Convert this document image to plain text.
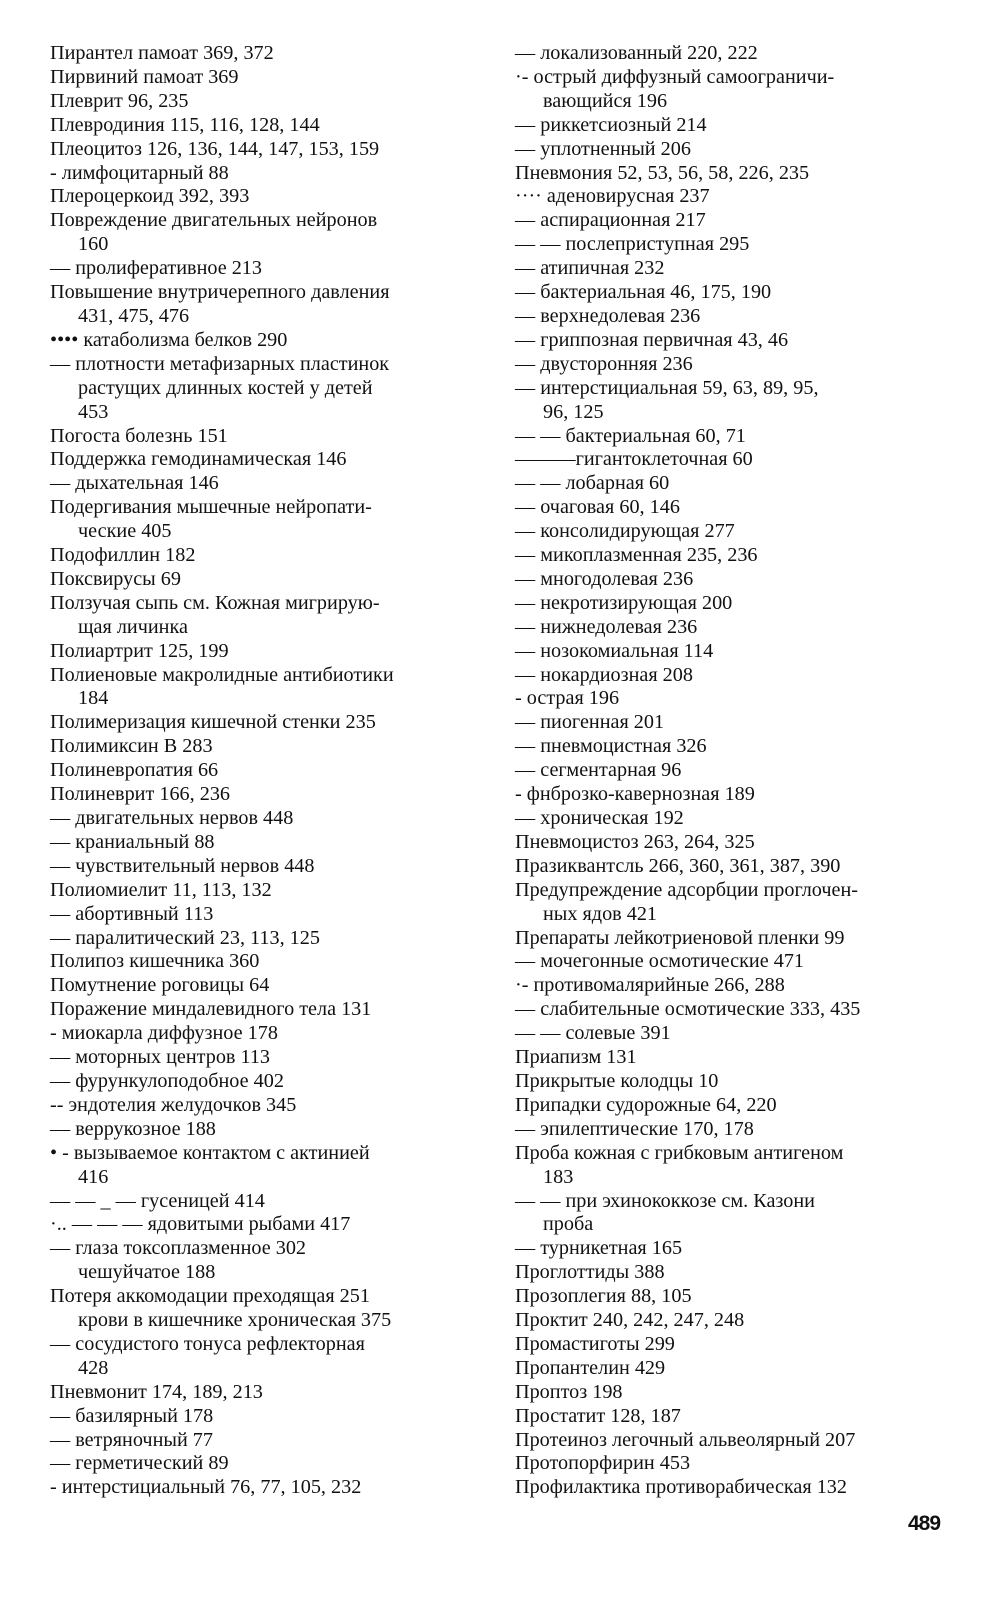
Пирантел памоат 369, 372
Пирвиний памоат 369
Плеврит 96, 235
Плевродиния 115, 116, 128, 144
Плеоцитоз 126, 136, 144, 147, 153, 159
- лимфоцитарный 88
Плероцеркоид 392, 393
Повреждение двигательных нейронов
160
— пролиферативное 213
Повышение внутричерепного давления
431, 475, 476
•••• катаболизма белков 290
— плотности метафизарных пластинок
растущих длинных костей у детей
453
Погоста болезнь 151
Поддержка гемодинамическая 146
— дыхательная 146
Подергивания мышечные нейропати-
ческие 405
Подофиллин 182
Поксвирусы 69
Ползучая сыпь см. Кожная мигрирую-
щая личинка
Полиартрит 125, 199
Полиеновые макролидные антибиотики
184
Полимеризация кишечной стенки 235
Полимиксин В 283
Полиневропатия 66
Полиневрит 166, 236
— двигательных нервов 448
— краниальный 88
— чувствительный нервов 448
Полиомиелит 11, 113, 132
— абортивный 113
— паралитический 23, 113, 125
Полипоз кишечника 360
Помутнение роговицы 64
Поражение миндалевидного тела 131
- миокарла диффузное 178
— моторных центров 113
— фурункулоподобное 402
-- эндотелия желудочков 345
— веррукозное 188
• - вызываемое контактом с актинией
416
— — _ — гусеницей 414
·.. — — — ядовитыми рыбами 417
— глаза токсоплазменное 302
чешуйчатое 188
Потеря аккомодации преходящая 251
крови в кишечнике хроническая 375
— сосудистого тонуса рефлекторная
428
Пневмонит 174, 189, 213
— базилярный 178
— ветряночный 77
— герметический 89
- интерстициальный 76, 77, 105, 232
— локализованный 220, 222
·- острый диффузный самоограничи-
вающийся 196
— риккетсиозный 214
— уплотненный 206
Пневмония 52, 53, 56, 58, 226, 235
···· аденовирусная 237
— аспирационная 217
— — послеприступная 295
— атипичная 232
— бактериальная 46, 175, 190
— верхнедолевая 236
— гриппозная первичная 43, 46
— двусторонняя 236
— интерстициальная 59, 63, 89, 95,
96, 125
— — бактериальная 60, 71
———гигантоклеточная 60
— — лобарная 60
— очаговая 60, 146
— консолидирующая 277
— микоплазменная 235, 236
— многодолевая 236
— некротизирующая 200
— нижнедолевая 236
— нозокомиальная 114
— нокардиозная 208
- острая 196
— пиогенная 201
— пневмоцистная 326
— сегментарная 96
- фнброзко-кавернозная 189
— хроническая 192
Пневмоцистоз 263, 264, 325
Празиквантсль 266, 360, 361, 387, 390
Предупреждение адсорбции проглочен-
ных ядов 421
Препараты лейкотриеновой пленки 99
— мочегонные осмотические 471
·- противомалярийные 266, 288
— слабительные осмотические 333, 435
— — солевые 391
Приапизм 131
Прикрытые колодцы 10
Припадки судорожные 64, 220
— эпилептические 170, 178
Проба кожная с грибковым антигеном
183
— — при эхинококкозе см. Казони
проба
— турникетная 165
Проглоттиды 388
Прозоплегия 88, 105
Проктит 240, 242, 247, 248
Промастиготы 299
Пропантелин 429
Проптоз 198
Простатит 128, 187
Протеиноз легочный альвеолярный 207
Протопорфирин 453
Профилактика противорабическая 132
489
